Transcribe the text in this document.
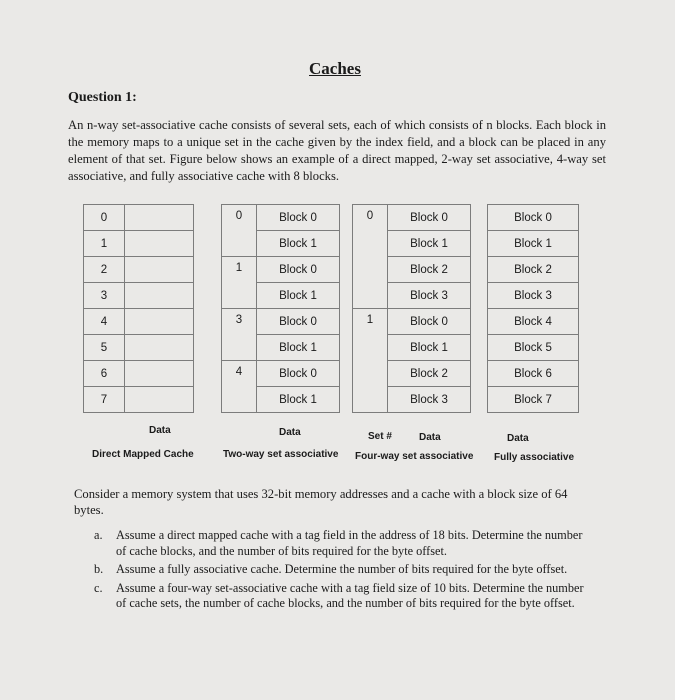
Caches
Question 1:
An n-way set-associative cache consists of several sets, each of which consists of n blocks. Each block in the memory maps to a unique set in the cache given by the index field, and a block can be placed in any element of that set. Figure below shows an example of a direct mapped, 2-way set associative, 4-way set associative, and fully associative cache with 8 blocks.
0	
1	
2	
3	
4	
5	
6	
7	
0	Block 0
	Block 1
1	Block 0
	Block 1
3	Block 0
	Block 1
4	Block 0
	Block 1
0	Block 0
	Block 1
	Block 2
	Block 3
1	Block 0
	Block 1
	Block 2
	Block 3
Block 0
Block 1
Block 2
Block 3
Block 4
Block 5
Block 6
Block 7
Data	Data	Set #	Data	Data
Direct Mapped Cache	Two-way set associative Four-way set associative Fully associative
Consider a memory system that uses 32-bit memory addresses and a cache with a block size of 64 bytes.
a.	Assume a direct mapped cache with a tag field in the address of 18 bits. Determine the number of cache blocks, and the number of bits required for the byte offset.
b.	Assume a fully associative cache. Determine the number of bits required for the byte offset.
c.	Assume a four-way set-associative cache with a tag field size of 10 bits. Determine the number of cache sets, the number of cache blocks, and the number of bits required for the byte offset.
